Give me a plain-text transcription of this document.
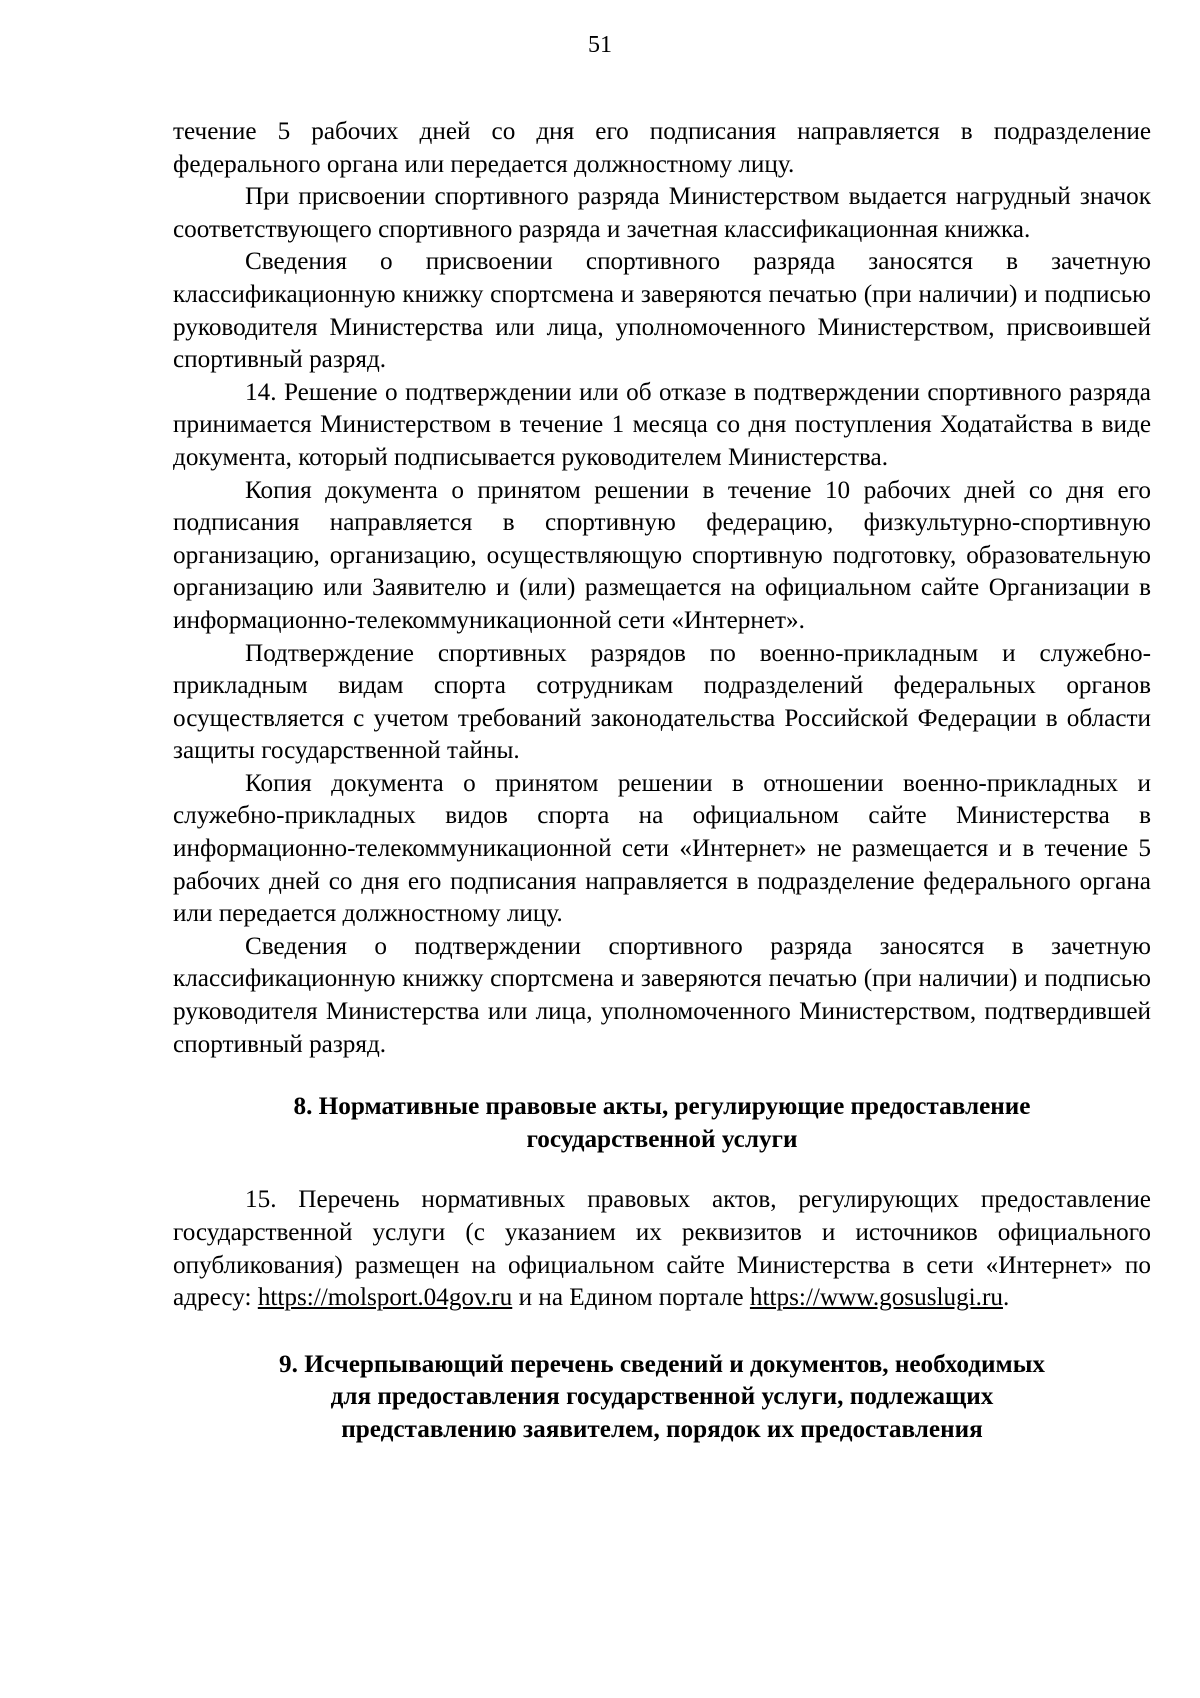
51

течение 5 рабочих дней со дня его подписания направляется в подразделение федерального органа или передается должностному лицу.

При присвоении спортивного разряда Министерством выдается нагрудный значок соответствующего спортивного разряда и зачетная классификационная книжка.

Сведения о присвоении спортивного разряда заносятся в зачетную классификационную книжку спортсмена и заверяются печатью (при наличии) и подписью руководителя Министерства или лица, уполномоченного Министерством, присвоившей спортивный разряд.

14. Решение о подтверждении или об отказе в подтверждении спортивного разряда принимается Министерством в течение 1 месяца со дня поступления Ходатайства в виде документа, который подписывается руководителем Министерства.

Копия документа о принятом решении в течение 10 рабочих дней со дня его подписания направляется в спортивную федерацию, физкультурно-спортивную организацию, организацию, осуществляющую спортивную подготовку, образовательную организацию или Заявителю и (или) размещается на официальном сайте Организации в информационно-телекоммуникационной сети «Интернет».

Подтверждение спортивных разрядов по военно-прикладным и служебно-прикладным видам спорта сотрудникам подразделений федеральных органов осуществляется с учетом требований законодательства Российской Федерации в области защиты государственной тайны.

Копия документа о принятом решении в отношении военно-прикладных и служебно-прикладных видов спорта на официальном сайте Министерства в информационно-телекоммуникационной сети «Интернет» не размещается и в течение 5 рабочих дней со дня его подписания направляется в подразделение федерального органа или передается должностному лицу.

Сведения о подтверждении спортивного разряда заносятся в зачетную классификационную книжку спортсмена и заверяются печатью (при наличии) и подписью руководителя Министерства или лица, уполномоченного Министерством, подтвердившей спортивный разряд.

8. Нормативные правовые акты, регулирующие предоставление
государственной услуги

15. Перечень нормативных правовых актов, регулирующих предоставление государственной услуги (с указанием их реквизитов и источников официального опубликования) размещен на официальном сайте Министерства в сети «Интернет» по адресу: https://molsport.04gov.ru и на Едином портале https://www.gosuslugi.ru.

9. Исчерпывающий перечень сведений и документов, необходимых
для предоставления государственной услуги, подлежащих
представлению заявителем, порядок их предоставления
